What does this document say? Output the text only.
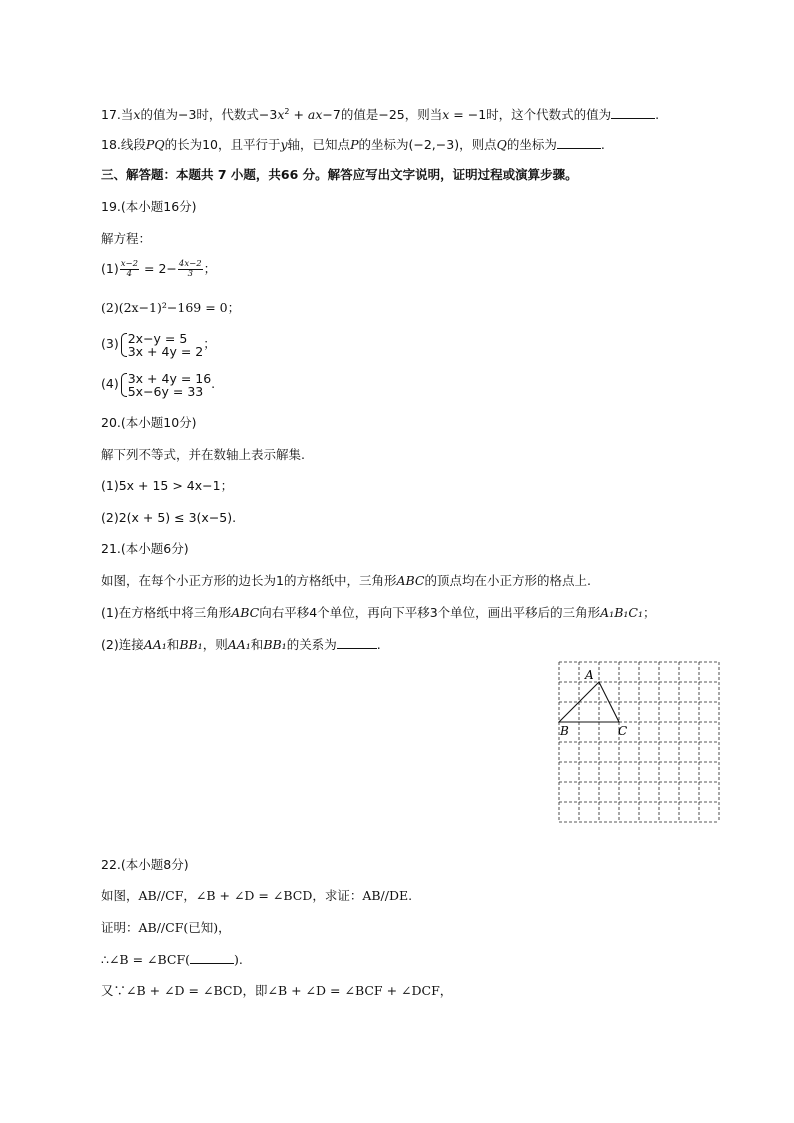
17.当x的值为−3时，代数式$-3x^2 + ax-7$的值是−25，则当x = −1时，这个代数式的值为	.
18.线段PQ的长为10，且平行于y轴，已知点P的坐标为(−2,−3)，则点Q的坐标为	.
三、解答题：本题共 7 小题，共66 分。解答应写出文字说明，证明过程或演算步骤。
19.(本小题16分)
解方程：
$(1) \frac{x-2}{4} = 2- \frac{4x-2}{3}$ ；
(2)(2x−1)²−169 = 0；
(3) 2x−y = 5
3x + 4y = 2 ；
(4) 3x + 4y = 16
5x−6y = 33 .
20.(本小题10分)
解下列不等式，并在数轴上表示解集.
(1)5x + 15 > 4x−1；
(2)2(x + 5) ≤ 3(x−5).
21.(本小题6分)
如图，在每个小正方形的边长为1的方格纸中，三角形ABC的顶点均在小正方形的格点上.
(1)在方格纸中将三角形ABC向右平移4个单位，再向下平移3个单位，画出平移后的三角形A₁B₁C₁；
(2)连接AA₁和BB₁，则AA₁和BB₁的关系为	.
A
B	C
22.(本小题8分)
如图，AB//CF，∠B + ∠D = ∠BCD，求证：AB//DE.
证明：AB//CF(已知)，
∴∠B = ∠BCF(	).
又∵∠B + ∠D = ∠BCD，即∠B + ∠D = ∠BCF + ∠DCF，
